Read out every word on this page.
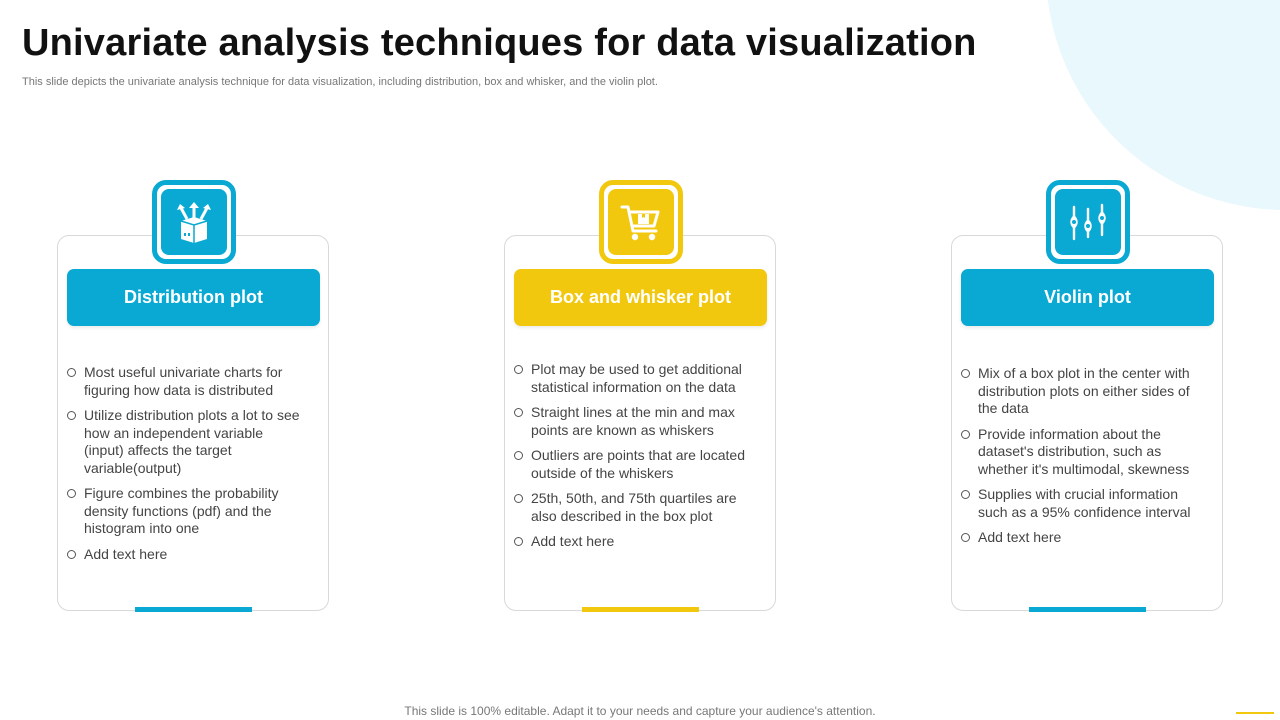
Univariate analysis techniques for data visualization

This slide depicts the univariate analysis technique for data visualization, including distribution, box and whisker, and the violin plot.

Distribution plot
Most useful univariate charts for figuring how data is distributed
Utilize distribution plots a lot to see how an independent variable (input) affects the target variable(output)
Figure combines the probability density functions (pdf) and the histogram into one
Add text here
Box and whisker plot
Plot may be used to get additional statistical information on the data
Straight lines at the min and max points are known as whiskers
Outliers are points that are located outside of the whiskers
25th, 50th, and 75th quartiles are also described in the box plot
Add text here
Violin plot
Mix of a box plot in the center with distribution plots on either sides of the data
Provide information about the dataset's distribution, such as whether it's multimodal, skewness
Supplies with crucial information such as a 95% confidence interval
Add text here

This slide is 100% editable. Adapt it to your needs and capture your audience's attention.
